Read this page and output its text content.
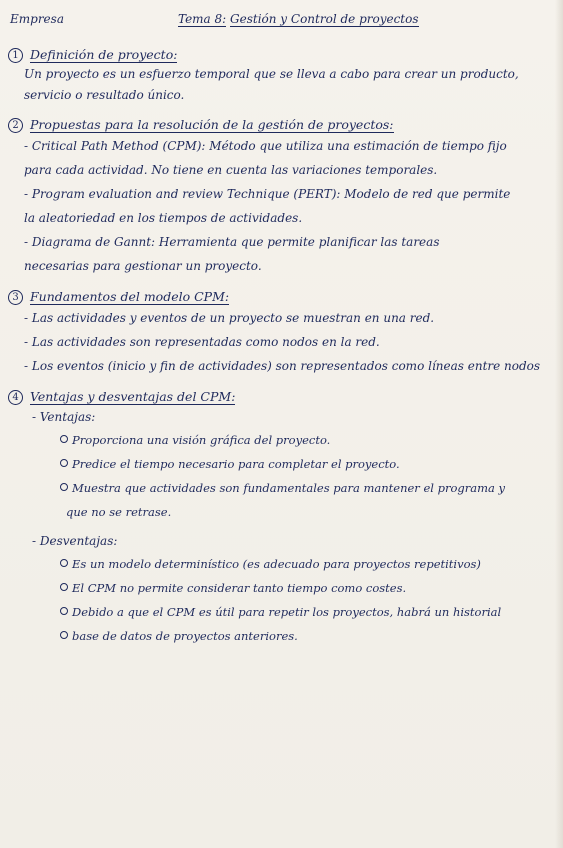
Empresa	Tema 8: Gestión y Control de proyectos
1 Definición de proyecto:
Un proyecto es un esfuerzo temporal que se lleva a cabo para crear un producto,
servicio o resultado único.
2 Propuestas para la resolución de la gestión de proyectos:
- Critical Path Method (CPM): Método que utiliza una estimación de tiempo fijo
para cada actividad. No tiene en cuenta las variaciones temporales.
- Program evaluation and review Technique (PERT): Modelo de red que permite
la aleatoriedad en los tiempos de actividades.
- Diagrama de Gannt: Herramienta que permite planificar las tareas
necesarias para gestionar un proyecto.
3 Fundamentos del modelo CPM:
- Las actividades y eventos de un proyecto se muestran en una red.
- Las actividades son representadas como nodos en la red.
- Los eventos (inicio y fin de actividades) son representados como líneas entre nodos
4 Ventajas y desventajas del CPM:
- Ventajas:
Proporciona una visión gráfica del proyecto.
Predice el tiempo necesario para completar el proyecto.
Muestra que actividades son fundamentales para mantener el programa y
que no se retrase.
- Desventajas:
Es un modelo determinístico (es adecuado para proyectos repetitivos)
El CPM no permite considerar tanto tiempo como costes.
Debido a que el CPM es útil para repetir los proyectos, habrá un historial
base de datos de proyectos anteriores.
